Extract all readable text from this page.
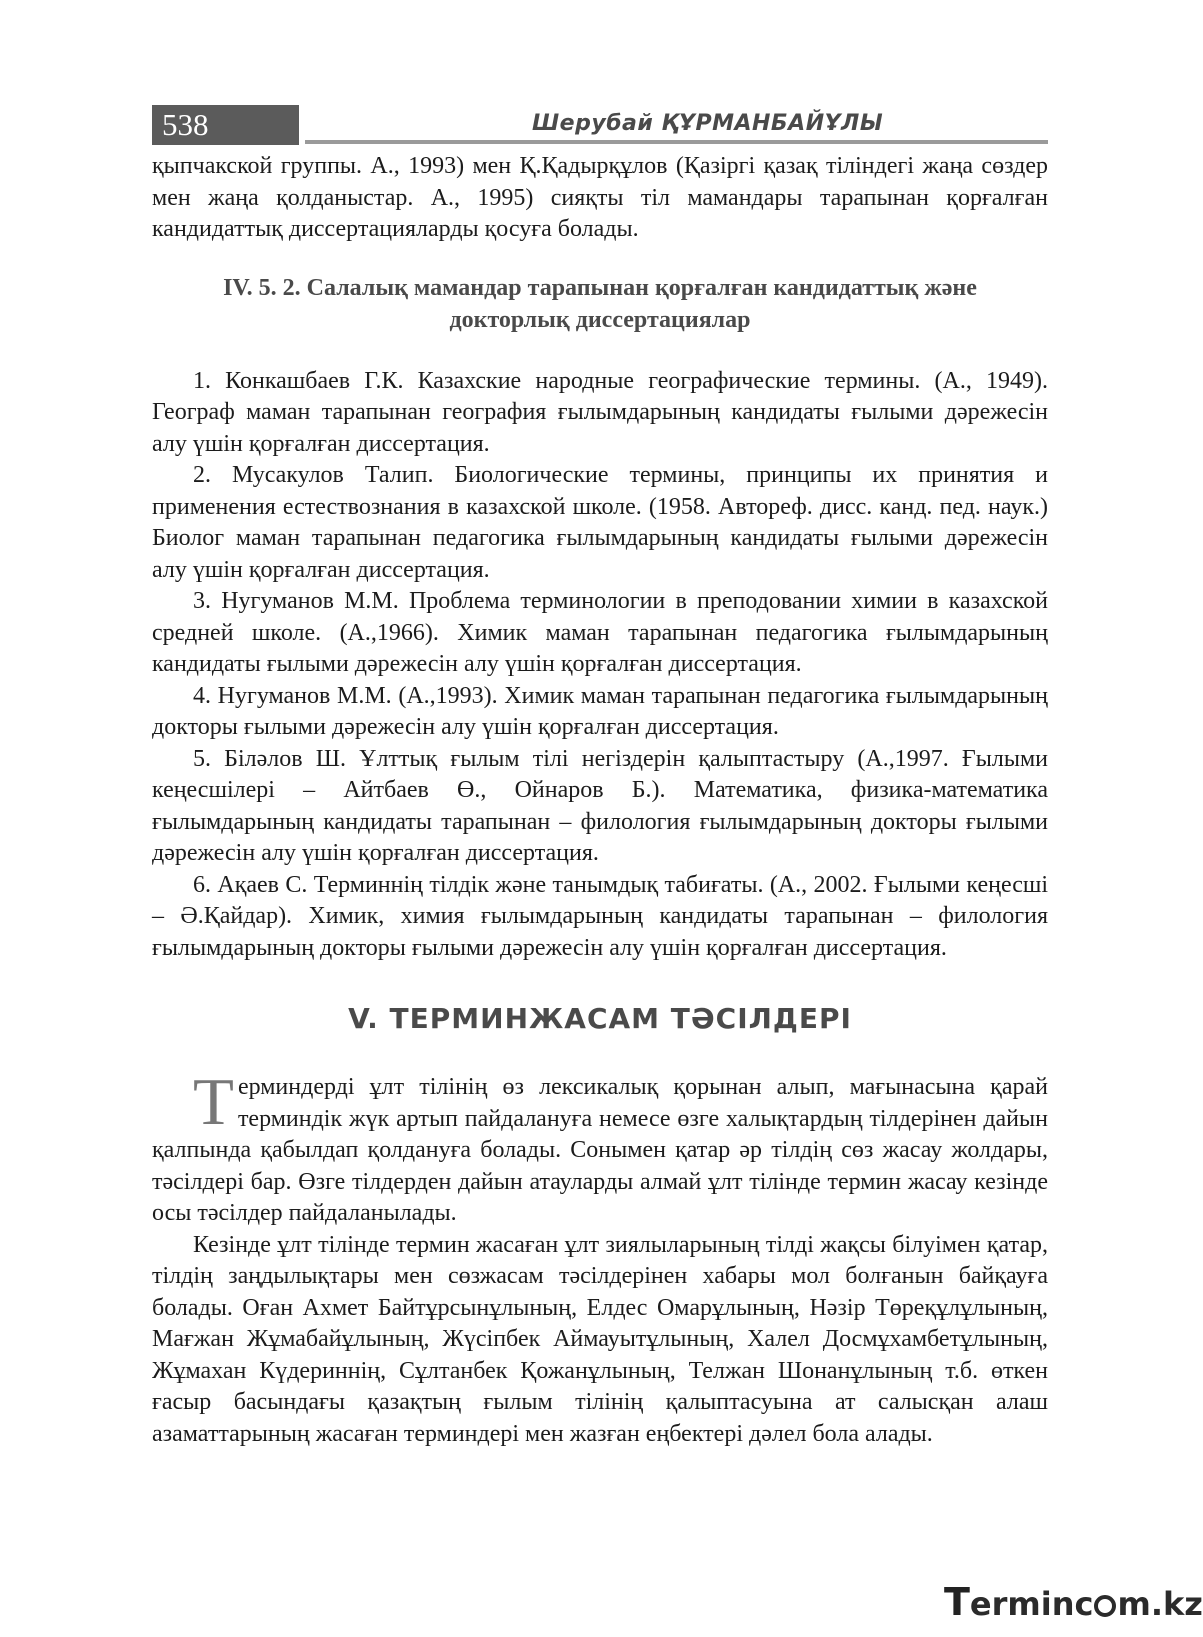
538	Шерубай ҚҰРМАНБАЙҰЛЫ

қыпчакской группы. А., 1993) мен Қ.Қадырқұлов (Қазіргі қазақ тіліндегі жаңа сөздер мен жаңа қолданыстар. А., 1995) сияқты тіл мамандары тарапынан қорғалған кандидаттық диссертацияларды қосуға болады.

IV. 5. 2. Салалық мамандар тарапынан қорғалған кандидаттық және докторлық диссертациялар

1. Конкашбаев Г.К. Казахские народные географические термины. (А., 1949). Географ маман тарапынан география ғылымдарының кандидаты ғылыми дәрежесін алу үшін қорғалған диссертация.

2. Мусакулов Талип. Биологические термины, принципы их принятия и применения естествознания в казахской школе. (1958. Автореф. дисс. канд. пед. наук.) Биолог маман тарапынан педагогика ғылымдарының кандидаты ғылыми дәрежесін алу үшін қорғалған диссертация.

3. Нугуманов М.М. Проблема терминологии в преподовании химии в казахской средней школе. (А.,1966). Химик маман тарапынан педагогика ғылымдарының кандидаты ғылыми дәрежесін алу үшін қорғалған диссертация.

4. Нугуманов М.М. (А.,1993). Химик маман тарапынан педагогика ғылымдарының докторы ғылыми дәрежесін алу үшін қорғалған диссертация.

5. Біләлов Ш. Ұлттық ғылым тілі негіздерін қалыптастыру (А.,1997. Ғылыми кеңесшілері – Айтбаев Ө., Ойнаров Б.). Математика, физика-математика ғылымдарының кандидаты тарапынан – филология ғылымдарының докторы ғылыми дәрежесін алу үшін қорғалған диссертация.

6. Ақаев С. Терминнің тілдік және танымдық табиғаты. (А., 2002. Ғылыми кеңесші – Ә.Қайдар). Химик, химия ғылымдарының кандидаты тарапынан – филология ғылымдарының докторы ғылыми дәрежесін алу үшін қорғалған диссертация.

V. ТЕРМИНЖАСАМ ТӘСІЛДЕРІ

Терминдерді ұлт тілінің өз лексикалық қорынан алып, мағынасына қарай терминдік жүк артып пайдалануға немесе өзге халықтардың тілдерінен дайын қалпында қабылдап қолдануға болады. Сонымен қатар әр тілдің сөз жасау жолдары, тәсілдері бар. Өзге тілдерден дайын атауларды алмай ұлт тілінде термин жасау кезінде осы тәсілдер пайдаланылады.

Кезінде ұлт тілінде термин жасаған ұлт зиялыларының тілді жақсы білуімен қатар, тілдің заңдылықтары мен сөзжасам тәсілдерінен хабары мол болғанын байқауға болады. Оған Ахмет Байтұрсынұлының, Елдес Омарұлының, Нәзір Төреқұлұлының, Мағжан Жұмабайұлының, Жүсіпбек Аймауытұлының, Халел Досмұхамбетұлының, Жұмахан Күдериннің, Сұлтанбек Қожанұлының, Телжан Шонанұлының т.б. өткен ғасыр басындағы қазақтың ғылым тілінің қалыптасуына ат салысқан алаш азаматтарының жасаған терминдері мен жазған еңбектері дәлел бола алады.

Terminc m.kz
